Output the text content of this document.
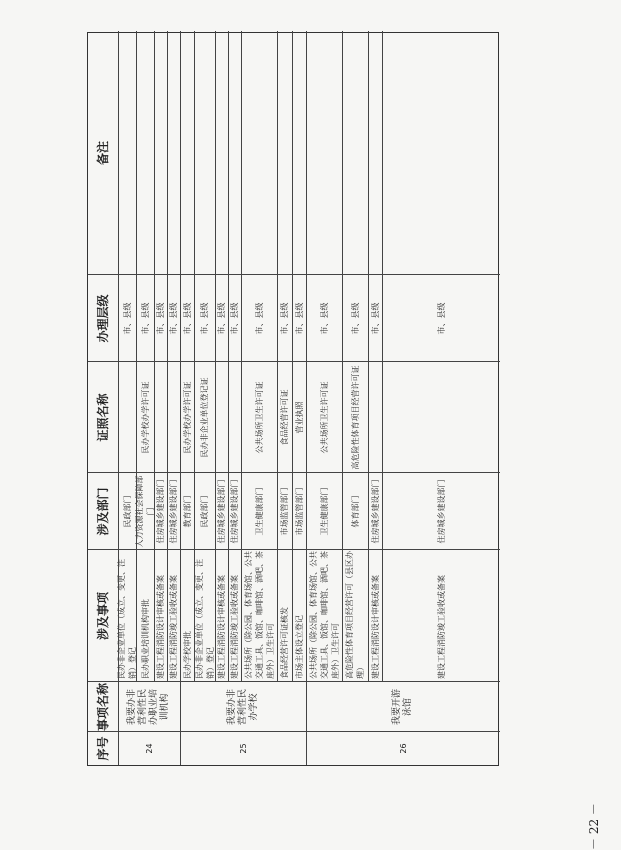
序号
事项名称
涉及事项
涉及部门
证照名称
办理层级
备注
24
我要办非营利性民办职业培训机构
25
我要办非营利性民办学校
26
我要开游泳馆
民办非企业单位（成立、变更、注销）登记
民政部门
市、县级
民办职业培训机构审批
人力资源社会保障部门
民办学校办学许可证
市、县级
建设工程消防设计审核或备案
住房城乡建设部门
市、县级
建设工程消防竣工验收或备案
住房城乡建设部门
市、县级
民办学校审批
教育部门
民办学校办学许可证
市、县级
民办非企业单位（成立、变更、注销）登记
民政部门
民办非企业单位登记证
市、县级
建设工程消防设计审核或备案
住房城乡建设部门
市、县级
建设工程消防竣工验收或备案
住房城乡建设部门
市、县级
公共场所（除公园、体育场馆、公共交通工具、饭馆、咖啡馆、酒吧、茶座外）卫生许可
卫生健康部门
公共场所卫生许可证
市、县级
食品经营许可证核发
市场监管部门
食品经营许可证
市、县级
市场主体设立登记
市场监管部门
营业执照
市、县级
公共场所（除公园、体育场馆、公共交通工具、饭馆、咖啡馆、酒吧、茶座外）卫生许可
卫生健康部门
公共场所卫生许可证
市、县级
高危险性体育项目经营许可（县区办理）
体育部门
高危险性体育项目经营许可证
市、县级
建设工程消防设计审核或备案
住房城乡建设部门
市、县级
建设工程消防竣工验收或备案
住房城乡建设部门
市、县级
－ 22 －
